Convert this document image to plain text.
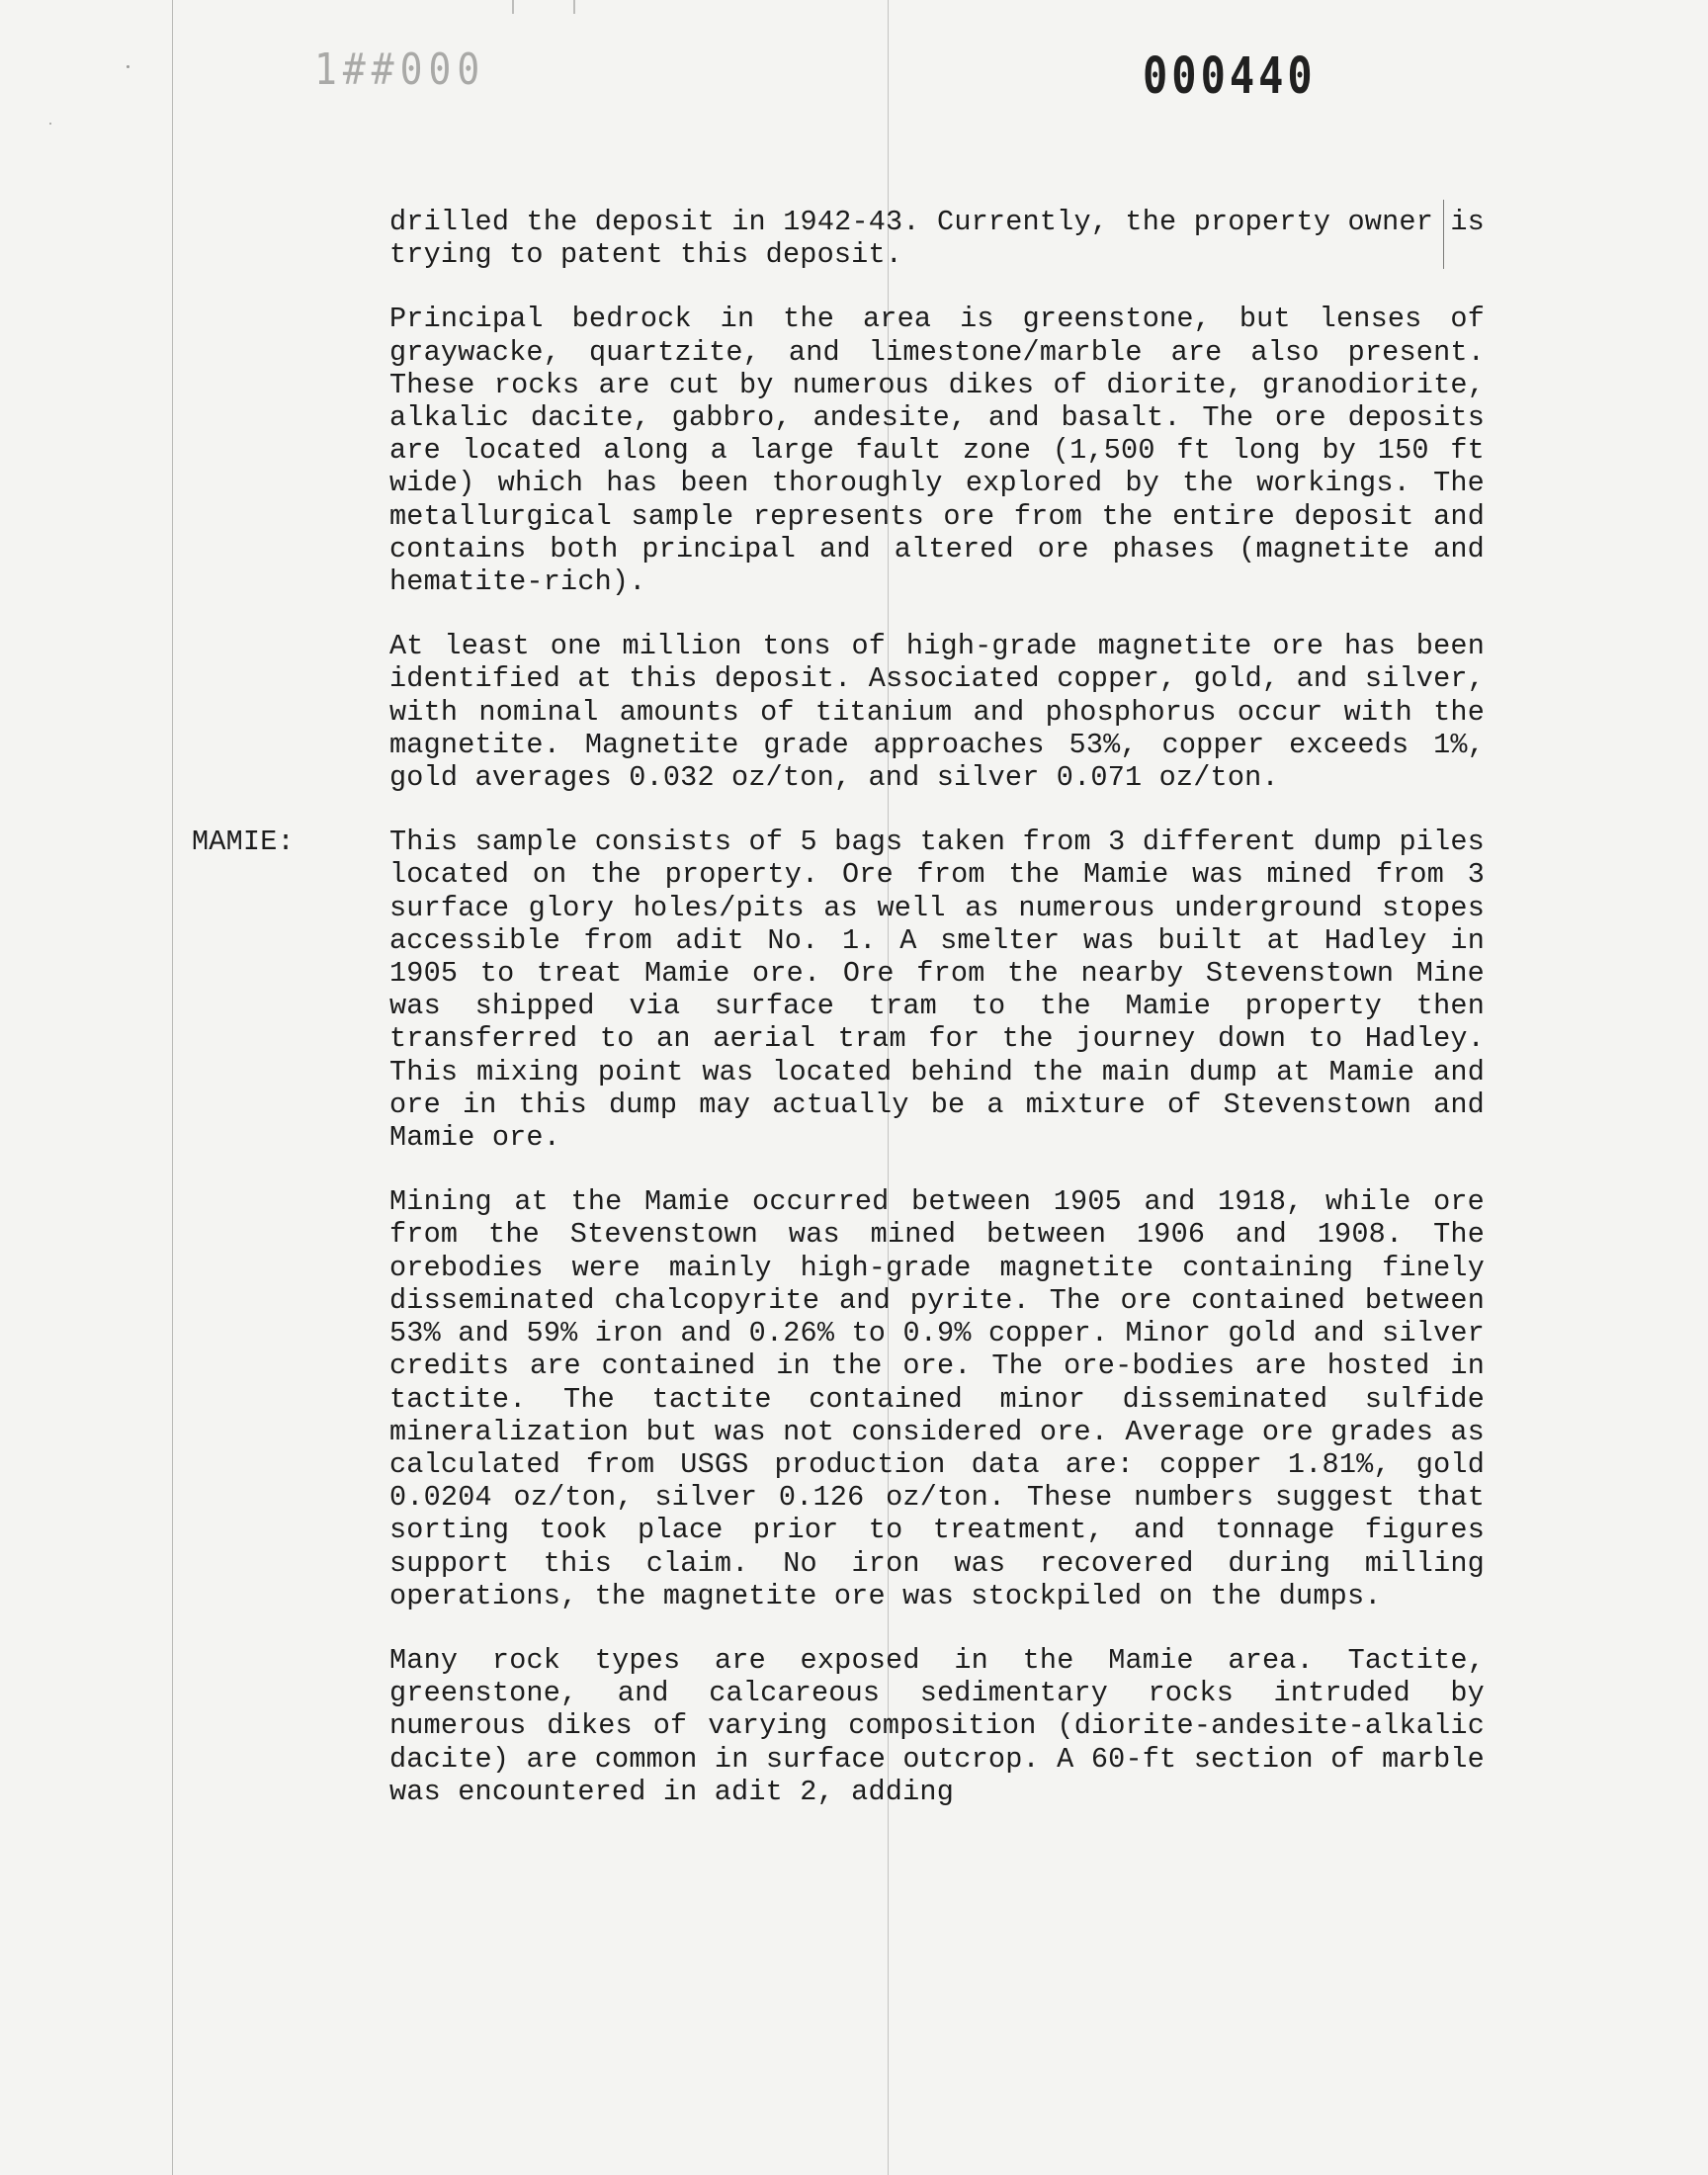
1##000	000440

drilled the deposit in 1942-43. Currently, the property owner is trying to patent this deposit.

Principal bedrock in the area is greenstone, but lenses of graywacke, quartzite, and limestone/marble are also present. These rocks are cut by numerous dikes of diorite, granodiorite, alkalic dacite, gabbro, andesite, and basalt. The ore deposits are located along a large fault zone (1,500 ft long by 150 ft wide) which has been thoroughly explored by the workings. The metallurgical sample represents ore from the entire deposit and contains both principal and altered ore phases (magnetite and hematite-rich).

At least one million tons of high-grade magnetite ore has been identified at this deposit. Associated copper, gold, and silver, with nominal amounts of titanium and phosphorus occur with the magnetite. Magnetite grade approaches 53%, copper exceeds 1%, gold averages 0.032 oz/ton, and silver 0.071 oz/ton.

MAMIE:	This sample consists of 5 bags taken from 3 different dump piles located on the property. Ore from the Mamie was mined from 3 surface glory holes/pits as well as numerous underground stopes accessible from adit No. 1. A smelter was built at Hadley in 1905 to treat Mamie ore. Ore from the nearby Stevenstown Mine was shipped via surface tram to the Mamie property then transferred to an aerial tram for the journey down to Hadley. This mixing point was located behind the main dump at Mamie and ore in this dump may actually be a mixture of Stevenstown and Mamie ore.

Mining at the Mamie occurred between 1905 and 1918, while ore from the Stevenstown was mined between 1906 and 1908. The orebodies were mainly high-grade magnetite containing finely disseminated chalcopyrite and pyrite. The ore contained between 53% and 59% iron and 0.26% to 0.9% copper. Minor gold and silver credits are contained in the ore. The ore-bodies are hosted in tactite. The tactite contained minor disseminated sulfide mineralization but was not considered ore. Average ore grades as calculated from USGS production data are: copper 1.81%, gold 0.0204 oz/ton, silver 0.126 oz/ton. These numbers suggest that sorting took place prior to treatment, and tonnage figures support this claim. No iron was recovered during milling operations, the magnetite ore was stockpiled on the dumps.

Many rock types are exposed in the Mamie area. Tactite, greenstone, and calcareous sedimentary rocks intruded by numerous dikes of varying composition (diorite-andesite-alkalic dacite) are common in surface outcrop. A 60-ft section of marble was encountered in adit 2, adding
